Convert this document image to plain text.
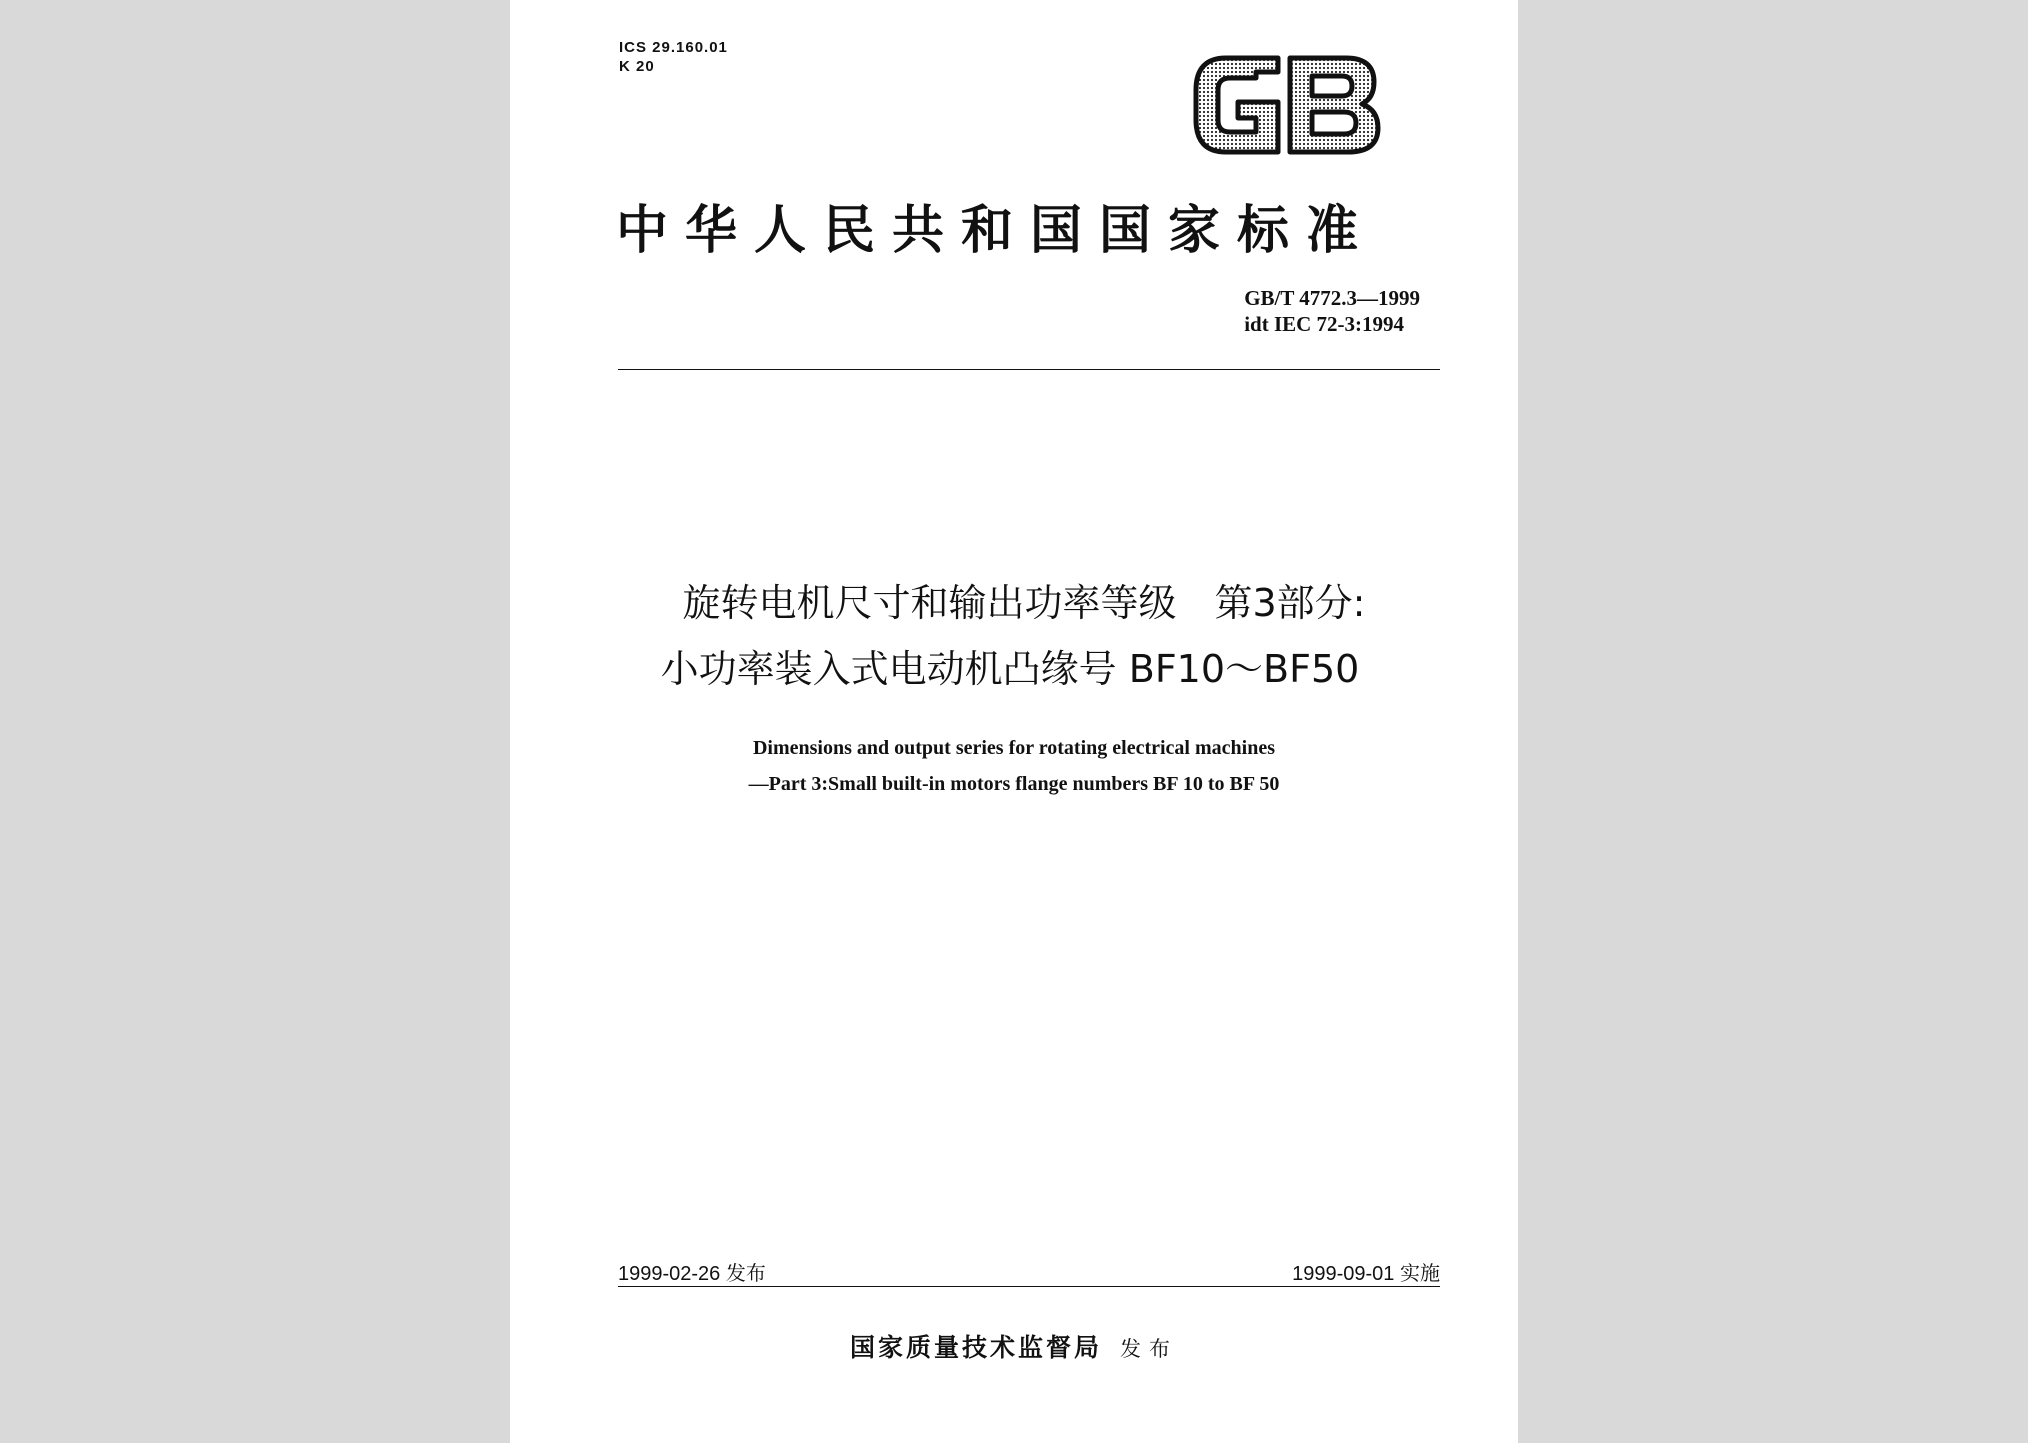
ICS 29.160.01
K 20
中华人民共和国国家标准
GB/T 4772.3—1999
idt IEC 72-3:1994
旋转电机尺寸和输出功率等级　第3部分:
小功率装入式电动机凸缘号 BF10～BF50
Dimensions and output series for rotating electrical machines
—Part 3:Small built-in motors flange numbers BF 10 to BF 50
1999-02-26 发布	1999-09-01 实施
国家质量技术监督局 发布
